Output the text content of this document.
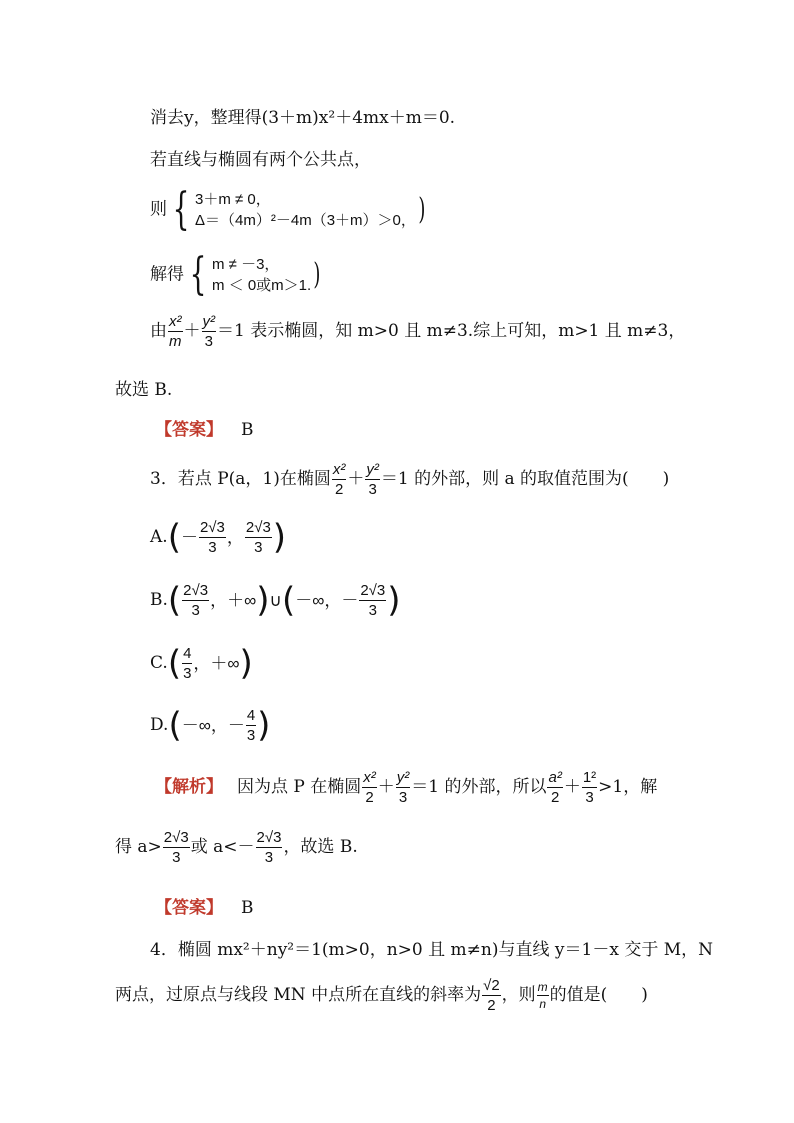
消去y，整理得(3＋m)x²＋4mx＋m＝0.
若直线与椭圆有两个公共点，
则 { 3＋m ≠ 0，
Δ＝（4m）²－4m（3＋m）＞0， )
解得 { m ≠ －3，
m ＜ 0或m＞1. )
由 $\frac{\text{x²}}{m} + \frac{\text{y²}}{3} =1$ 表示椭圆，知 m>0 且 m≠3.综上可知，m>1 且 m≠3，
故选 B.
【答案】 B
3．若点 P(a，1)在椭圆 $\frac{\text{x²}}{2} + \frac{\text{y²}}{3} =1$ 的外部，则 a 的取值范围为(　　)
$A.(- \frac{2√3}{3}$ ， $\frac{2√3}{3}$ )
$B.( \frac{2√3}{3}$ ，＋∞)∪(－∞，－ $\frac{2√3}{3}$ )
$C.( \frac{4}{3}$ ，＋∞)
D.(－∞，－ $\frac{4}{3}$ )
【解析】 因为点 P 在椭圆 $\frac{\text{x²}}{2} + \frac{\text{y²}}{3} =1$ 的外部，所以 $\frac{\text{a²}}{2} + \frac{\text{1²}}{3} >1$，解
得 $a> \frac{2√3}{3}$ 或 $a<- \frac{2√3}{3}$ ，故选 B.
【答案】 B
4．椭圆 mx²＋ny²＝1(m>0，n>0 且 m≠n)与直线 y＝1－x 交于 M，N
两点，过原点与线段 MN 中点所在直线的斜率为 $\frac{√2}{2}$ ，则 $\frac{m}{n}$ 的值是(　　)
